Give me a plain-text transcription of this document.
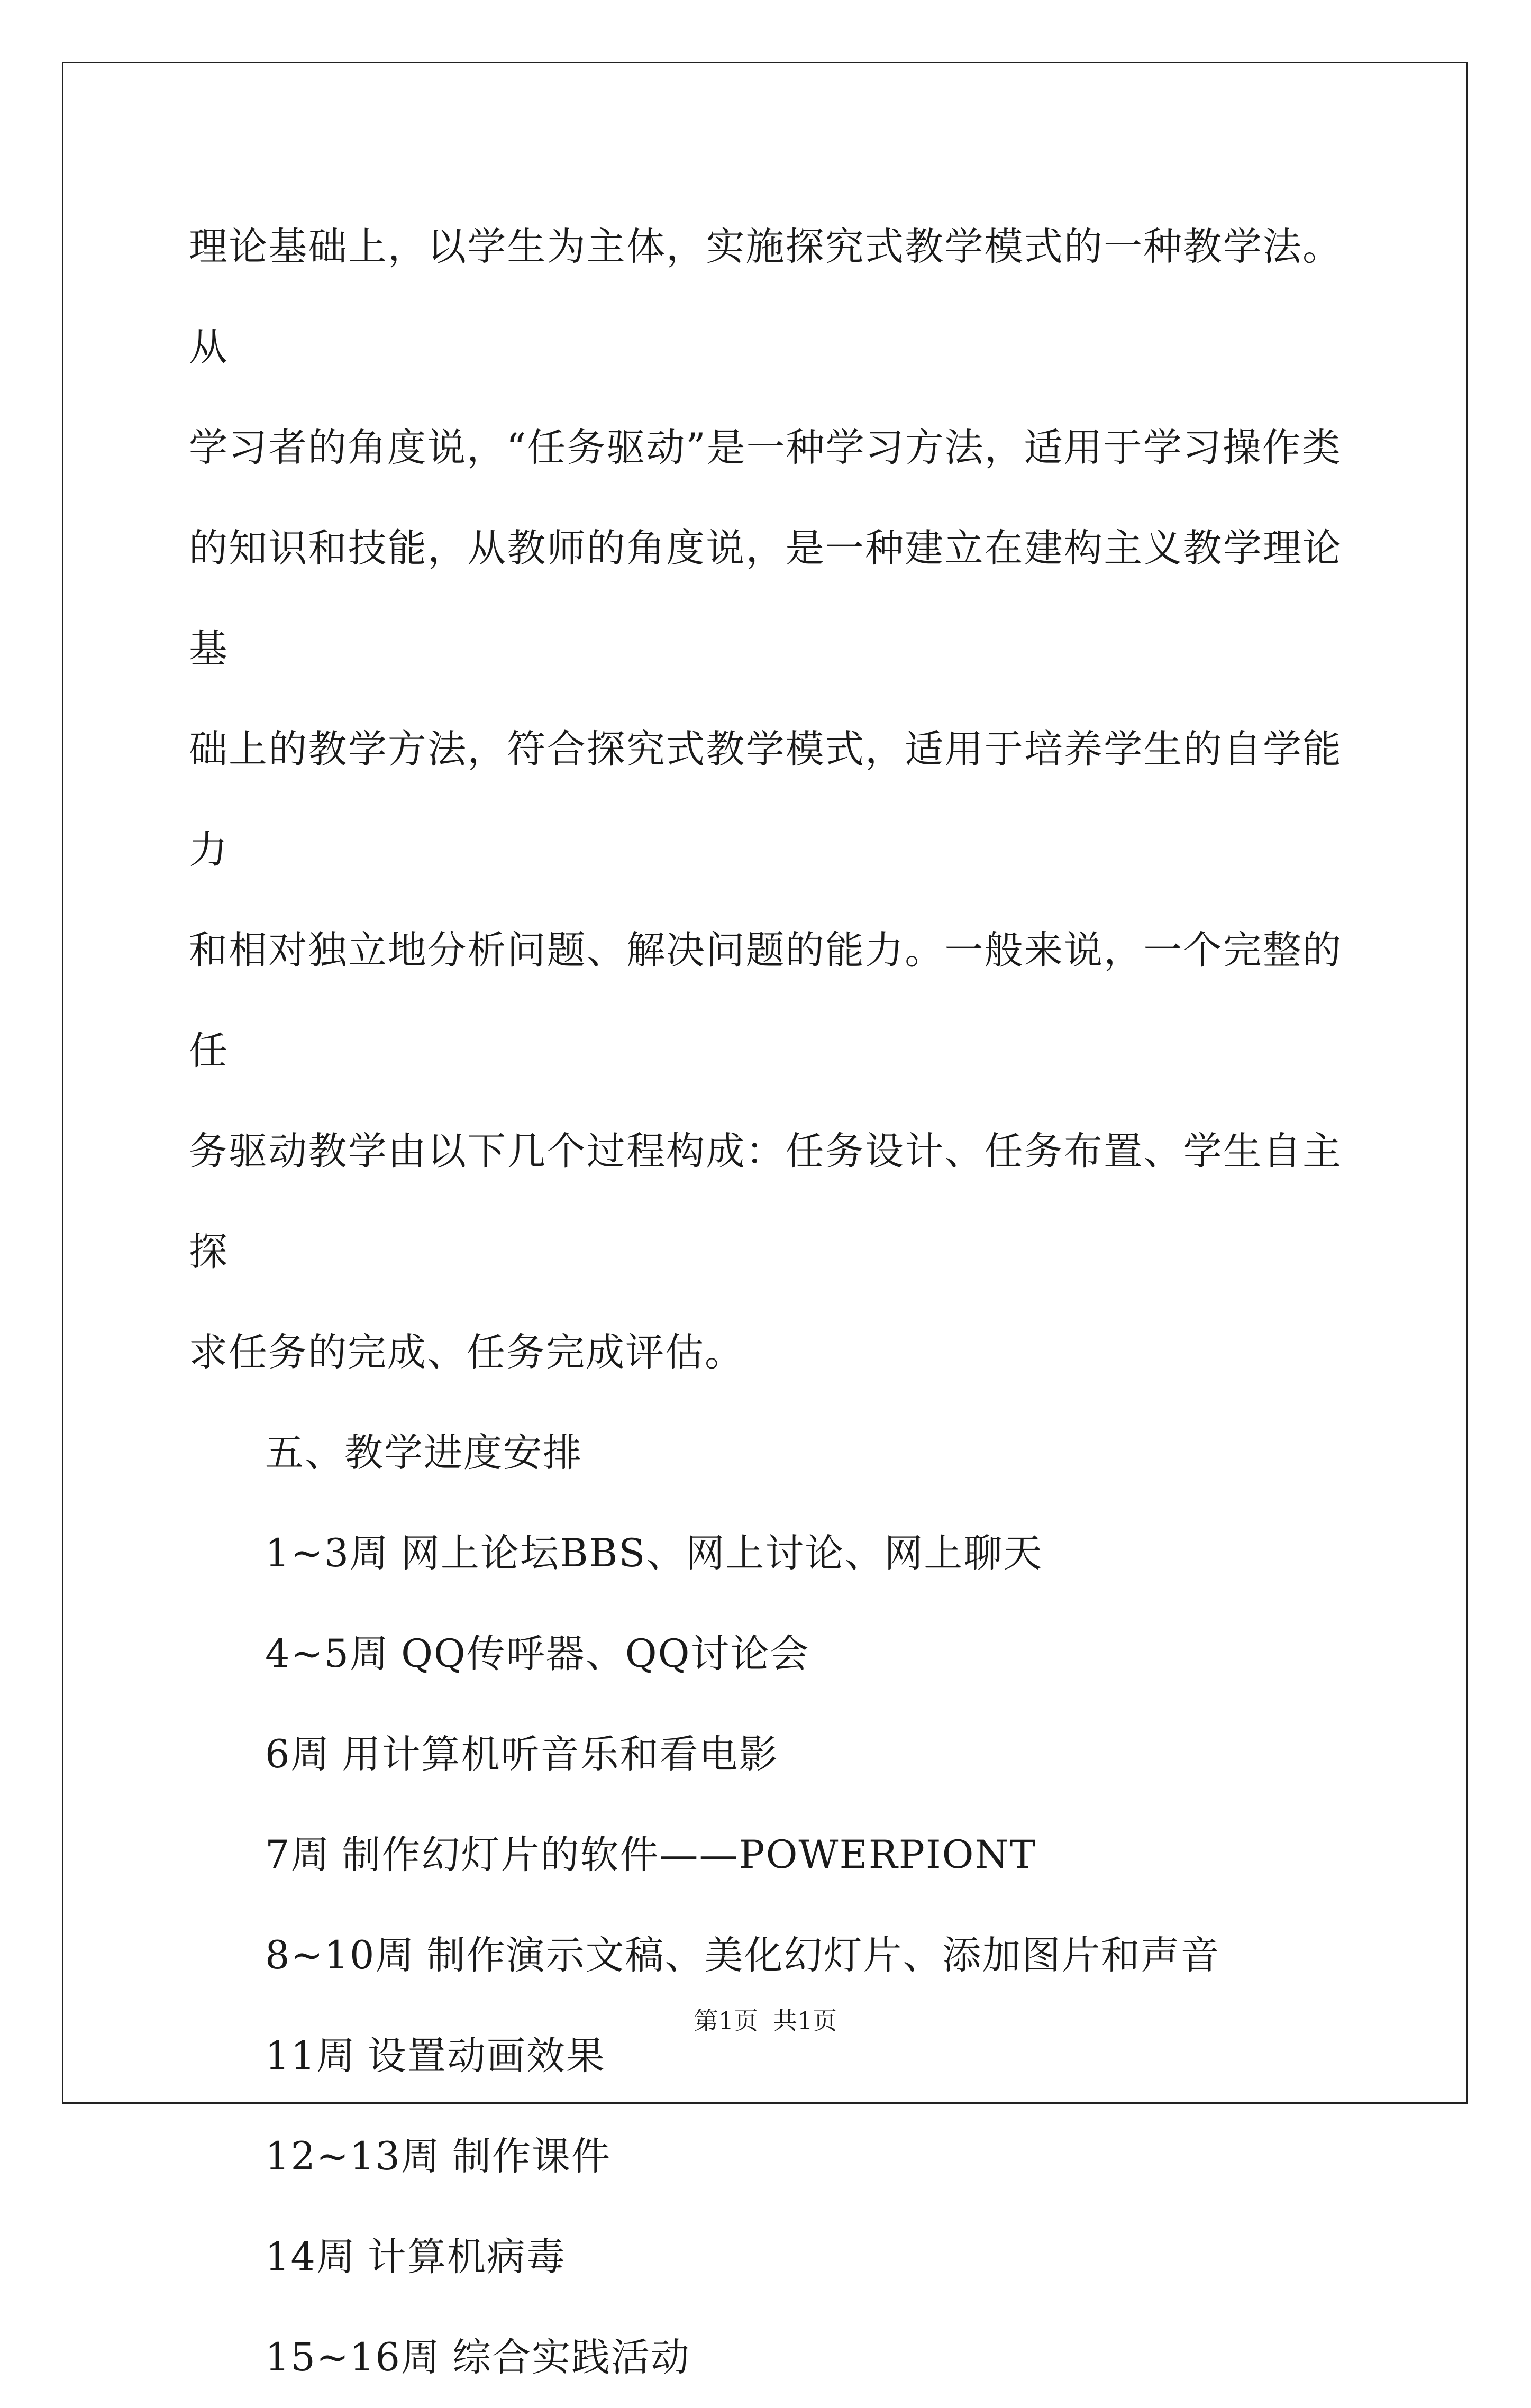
理论基础上，以学生为主体，实施探究式教学模式的一种教学法。从

学习者的角度说，“任务驱动”是一种学习方法，适用于学习操作类

的知识和技能，从教师的角度说，是一种建立在建构主义教学理论基

础上的教学方法，符合探究式教学模式，适用于培养学生的自学能力

和相对独立地分析问题、解决问题的能力。一般来说，一个完整的任

务驱动教学由以下几个过程构成：任务设计、任务布置、学生自主探

求任务的完成、任务完成评估。

五、教学进度安排

1~3周 网上论坛BBS、网上讨论、网上聊天
4~5周 QQ传呼器、QQ讨论会
6周 用计算机听音乐和看电影
7周 制作幻灯片的软件——POWERPIONT
8~10周 制作演示文稿、美化幻灯片、添加图片和声音
11周 设置动画效果
12~13周 制作课件
14周 计算机病毒
15~16周 综合实践活动
第1页 共1页
